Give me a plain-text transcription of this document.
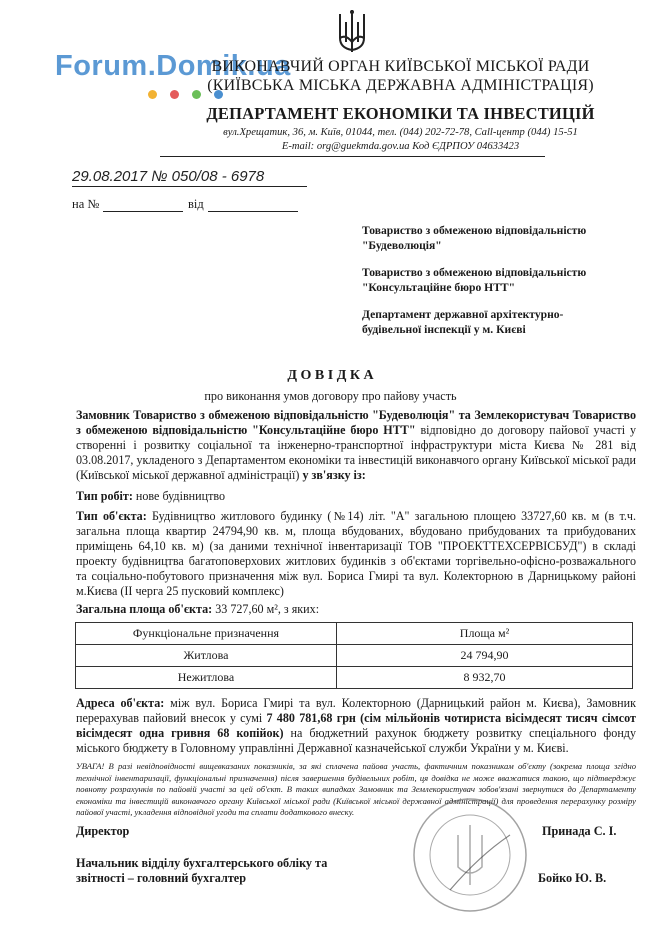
Forum.Domik.ua
ВИКОНАВЧИЙ ОРГАН КИЇВСЬКОЇ МІСЬКОЇ РАДИ
(КИЇВСЬКА МІСЬКА ДЕРЖАВНА АДМІНІСТРАЦІЯ)
ДЕПАРТАМЕНТ ЕКОНОМІКИ ТА ІНВЕСТИЦІЙ
вул.Хрещатик, 36, м. Київ, 01044, тел. (044) 202-72-78, Call-центр (044) 15-51
E-mail: org@guekmda.gov.ua Код ЄДРПОУ 04633423
29.08.2017 № 050/08 - 6978
на №	від
Товариство з обмеженою відповідальністю
"Будеволюція"
Товариство з обмеженою відповідальністю
"Консультаційне бюро НТТ"
Департамент державної архітектурно-
будівельної інспекції у м. Києві
Д О В І Д К А
про виконання умов договору про пайову участь
Замовник Товариство з обмеженою відповідальністю "Будеволюція" та Землекористувач Товариство з обмеженою відповідальністю "Консультаційне бюро НТТ" відповідно до договору пайової участі у створенні і розвитку соціальної та інженерно-транспортної інфраструктури міста Києва № 281 від 03.08.2017, укладеного з Департаментом економіки та інвестицій виконавчого органу Київської міської ради (Київської міської державної адміністрації) у зв'язку із:
Тип робіт: нове будівництво
Тип об'єкта: Будівництво житлового будинку (№14) літ. "А" загальною площею 33727,60 кв. м (в т.ч. загальна площа квартир 24794,90 кв. м, площа вбудованих, вбудовано прибудованих та прибудованих приміщень 64,10 кв. м) (за даними технічної інвентаризації ТОВ "ПРОЕКТТЕХСЕРВІСБУД") в складі проекту будівництва багатоповерхових житлових будинків з об'єктами торгівельно-офісно-розважального та соціально-побутового призначення між вул. Бориса Гмирі та вул. Колекторною в Дарницькому районі м.Києва (II черга 25 пусковий комплекс)
Загальна площа об'єкта: 33 727,60 м², з яких:
Функціональне призначення	Площа м²
Житлова	24 794,90
Нежитлова	8 932,70
Адреса об'єкта: між вул. Бориса Гмирі та вул. Колекторною (Дарницький район м. Києва), Замовник перерахував пайовий внесок у сумі 7 480 781,68 грн (сім мільйонів чотириста вісімдесят тисяч сімсот вісімдесят одна гривня 68 копійок) на бюджетний рахунок бюджету розвитку спеціального фонду міського бюджету в Головному управлінні Державної казначейської служби України у м. Києві.
УВАГА! В разі невідповідності вищевказаних показників, за які сплачена пайова участь, фактичним показникам об'єкту (зокрема площа згідно технічної інвентаризації, функціональні призначення) після завершення будівельних робіт, ця довідка не може вважатися такою, що підтверджує повноту розрахунків по пайовій участі за цей об'єкт. В таких випадках Замовник та Землекористувач зобов'язані звернутися до Департаменту економіки та інвестицій виконавчого органу Київської міської ради (Київської міської державної адміністрації) для проведення перерахунку розміру пайової участі, укладення відповідної угоди та сплати додаткового внеску.
Директор	Принада С. І.
Начальник відділу бухгалтерського обліку та
звітності – головний бухгалтер	Бойко Ю. В.
